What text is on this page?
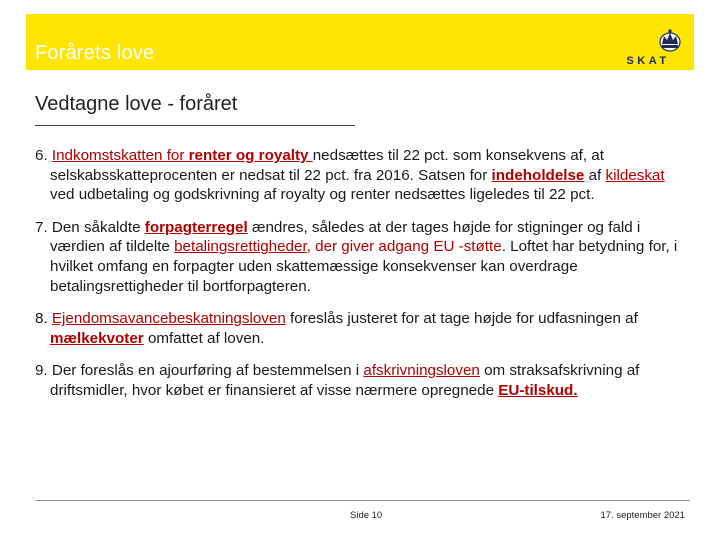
Forårets love	SKAT
Vedtagne love - foråret

6. Indkomstskatten for renter og royalty nedsættes til 22 pct. som konsekvens af, at selskabsskatteprocenten er nedsat til 22 pct. fra 2016. Satsen for indeholdelse af kildeskat ved udbetaling og godskrivning af royalty og renter nedsættes ligeledes til 22 pct.

7. Den såkaldte forpagterregel ændres, således at der tages højde for stigninger og fald i værdien af tildelte betalingsrettigheder, der giver adgang EU -støtte. Loftet har betydning for, i hvilket omfang en forpagter uden skattemæssige konsekvenser kan overdrage betalingsrettigheder til bortforpagteren.

8. Ejendomsavancebeskatningsloven foreslås justeret for at tage højde for udfasningen af mælkekvoter omfattet af loven.

9. Der foreslås en ajourføring af bestemmelsen i afskrivningsloven om straksafskrivning af driftsmidler, hvor købet er finansieret af visse nærmere opregnede EU-tilskud.

Side 10	17. september 2021
